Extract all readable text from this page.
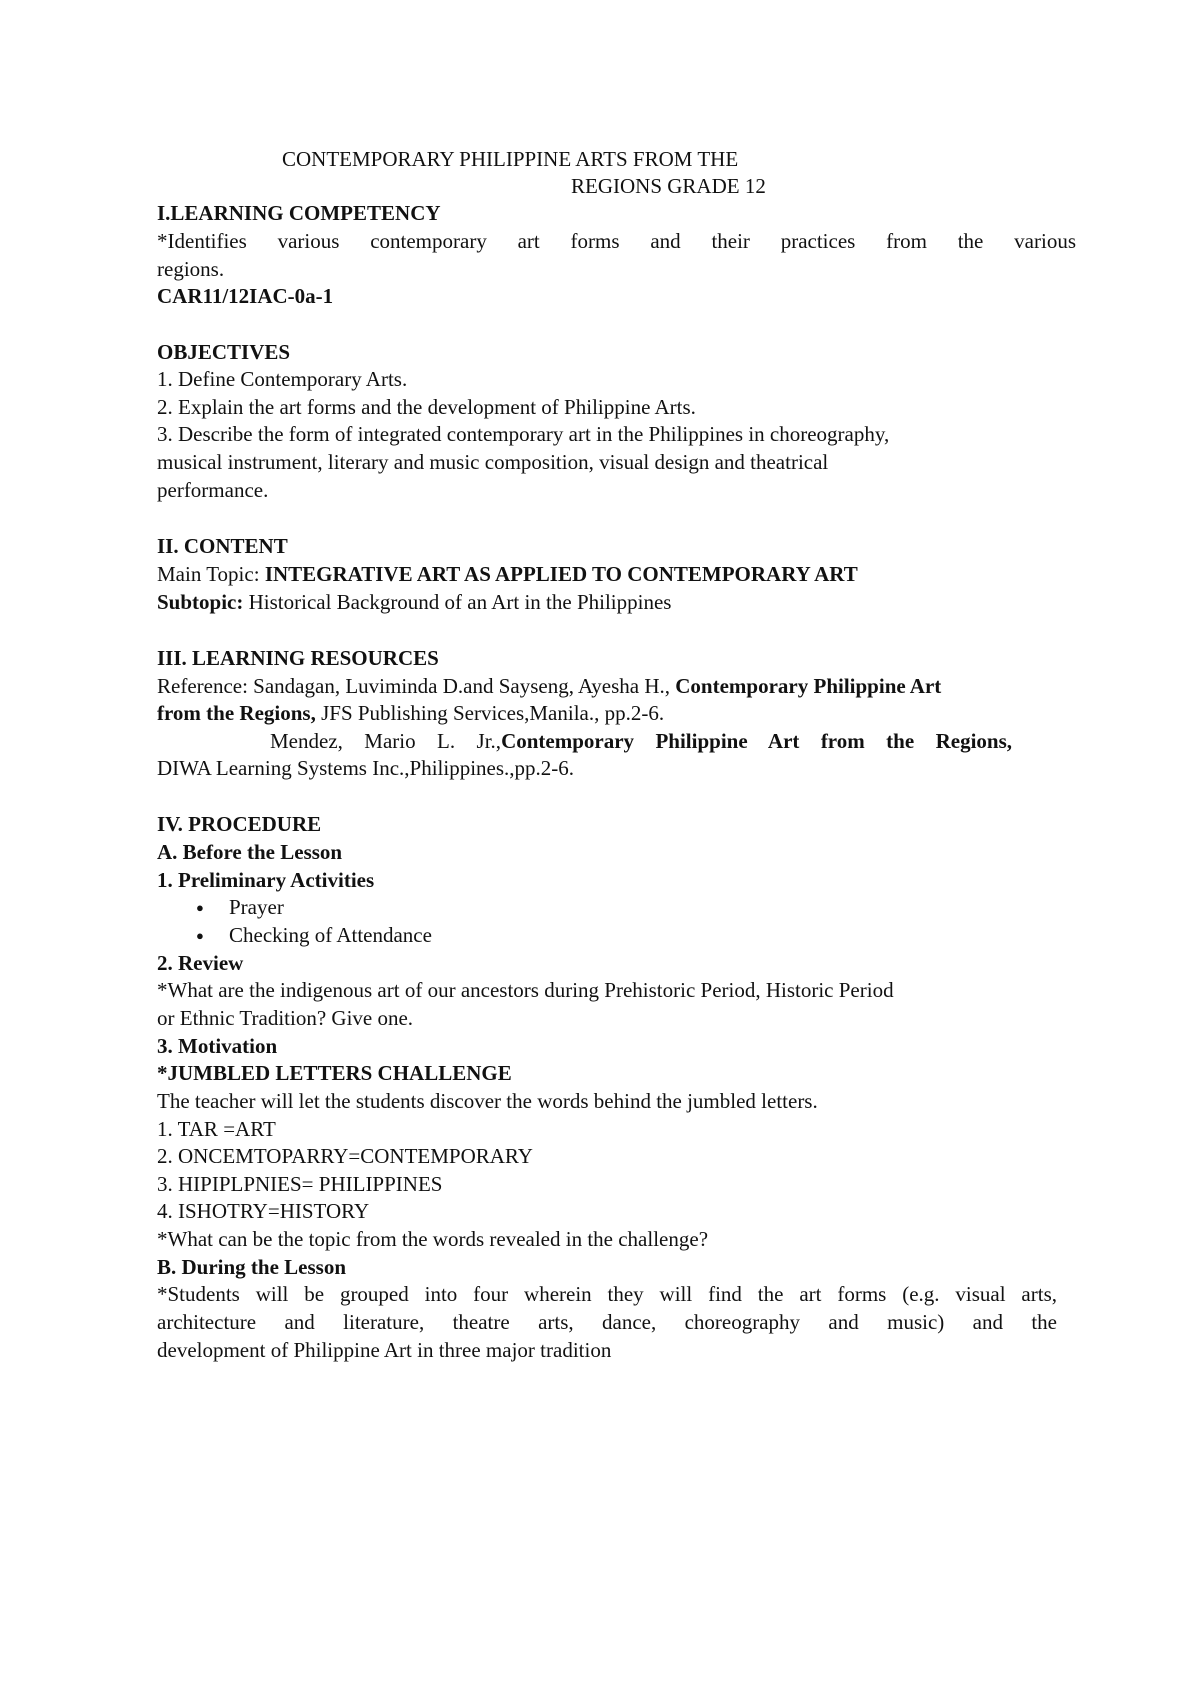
CONTEMPORARY PHILIPPINE ARTS FROM THE
REGIONS GRADE 12
I.LEARNING COMPETENCY
*Identifies various contemporary art forms and their practices from the various
regions.
CAR11/12IAC-0a-1
OBJECTIVES
1. Define Contemporary Arts.
2. Explain the art forms and the development of Philippine Arts.
3. Describe the form of integrated contemporary art in the Philippines in choreography,
musical instrument, literary and music composition, visual design and theatrical
performance.
II. CONTENT
Main Topic: INTEGRATIVE ART AS APPLIED TO CONTEMPORARY ART
Subtopic: Historical Background of an Art in the Philippines
III. LEARNING RESOURCES
Reference: Sandagan, Luviminda D.and Sayseng, Ayesha H., Contemporary Philippine Art
from the Regions, JFS Publishing Services,Manila., pp.2-6.
Mendez, Mario L. Jr.,Contemporary Philippine Art from the Regions,
DIWA Learning Systems Inc.,Philippines.,pp.2-6.
IV. PROCEDURE
A. Before the Lesson
1. Preliminary Activities
● Prayer
● Checking of Attendance
2. Review
*What are the indigenous art of our ancestors during Prehistoric Period, Historic Period
or Ethnic Tradition? Give one.
3. Motivation
*JUMBLED LETTERS CHALLENGE
The teacher will let the students discover the words behind the jumbled letters.
1. TAR =ART
2. ONCEMTOPARRY=CONTEMPORARY
3. HIPIPLPNIES= PHILIPPINES
4. ISHOTRY=HISTORY
*What can be the topic from the words revealed in the challenge?
B. During the Lesson
*Students will be grouped into four wherein they will find the art forms (e.g. visual arts,
architecture and literature, theatre arts, dance, choreography and music) and the
development of Philippine Art in three major tradition
